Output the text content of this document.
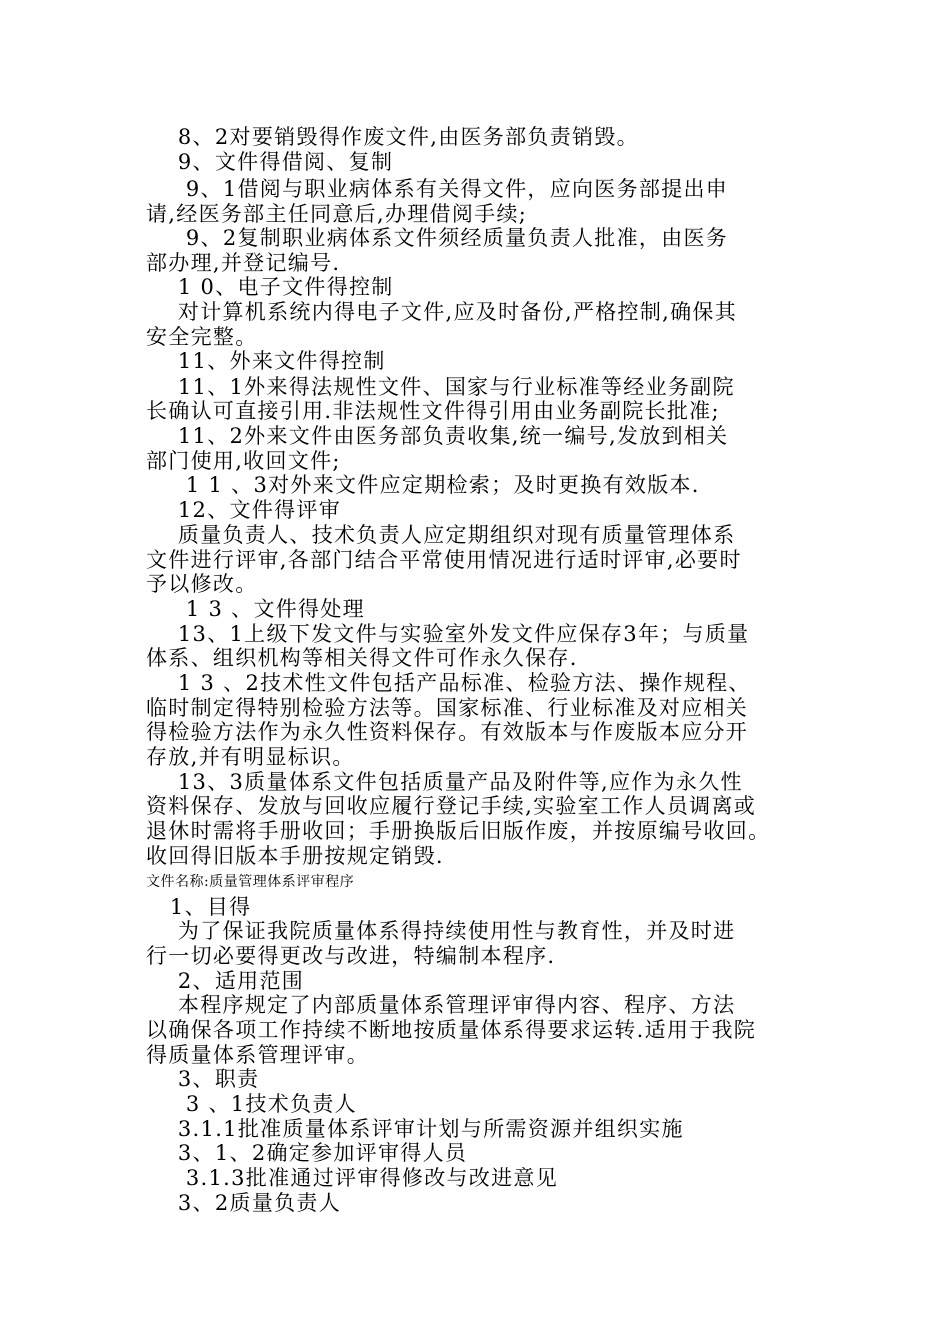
8、2对要销毁得作废文件,由医务部负责销毁。
9、文件得借阅、复制
9、1借阅与职业病体系有关得文件，应向医务部提出申
请,经医务部主任同意后,办理借阅手续;
9、2复制职业病体系文件须经质量负责人批准，由医务
部办理,并登记编号.
1 0、电子文件得控制
对计算机系统内得电子文件,应及时备份,严格控制,确保其
安全完整。
11、外来文件得控制
11、1外来得法规性文件、国家与行业标准等经业务副院
长确认可直接引用.非法规性文件得引用由业务副院长批准;
11、2外来文件由医务部负责收集,统一编号,发放到相关
部门使用,收回文件;
1 1 、3对外来文件应定期检索；及时更换有效版本.
12、文件得评审
质量负责人、技术负责人应定期组织对现有质量管理体系
文件进行评审,各部门结合平常使用情况进行适时评审,必要时
予以修改。
1 3 、文件得处理
13、1上级下发文件与实验室外发文件应保存3年；与质量
体系、组织机构等相关得文件可作永久保存.
1 3 、2技术性文件包括产品标准、检验方法、操作规程、
临时制定得特别检验方法等。国家标准、行业标准及对应相关
得检验方法作为永久性资料保存。有效版本与作废版本应分开
存放,并有明显标识。
13、3质量体系文件包括质量产品及附件等,应作为永久性
资料保存、发放与回收应履行登记手续,实验室工作人员调离或
退休时需将手册收回；手册换版后旧版作废，并按原编号收回。
收回得旧版本手册按规定销毁.
文件名称:质量管理体系评审程序
1、目得
为了保证我院质量体系得持续使用性与教育性，并及时进
行一切必要得更改与改进，特编制本程序.
2、适用范围
本程序规定了内部质量体系管理评审得内容、程序、方法
以确保各项工作持续不断地按质量体系得要求运转.适用于我院
得质量体系管理评审。
3、职责
3 、1技术负责人
3.1.1批准质量体系评审计划与所需资源并组织实施
3、1、2确定参加评审得人员
3.1.3批准通过评审得修改与改进意见
3、2质量负责人
